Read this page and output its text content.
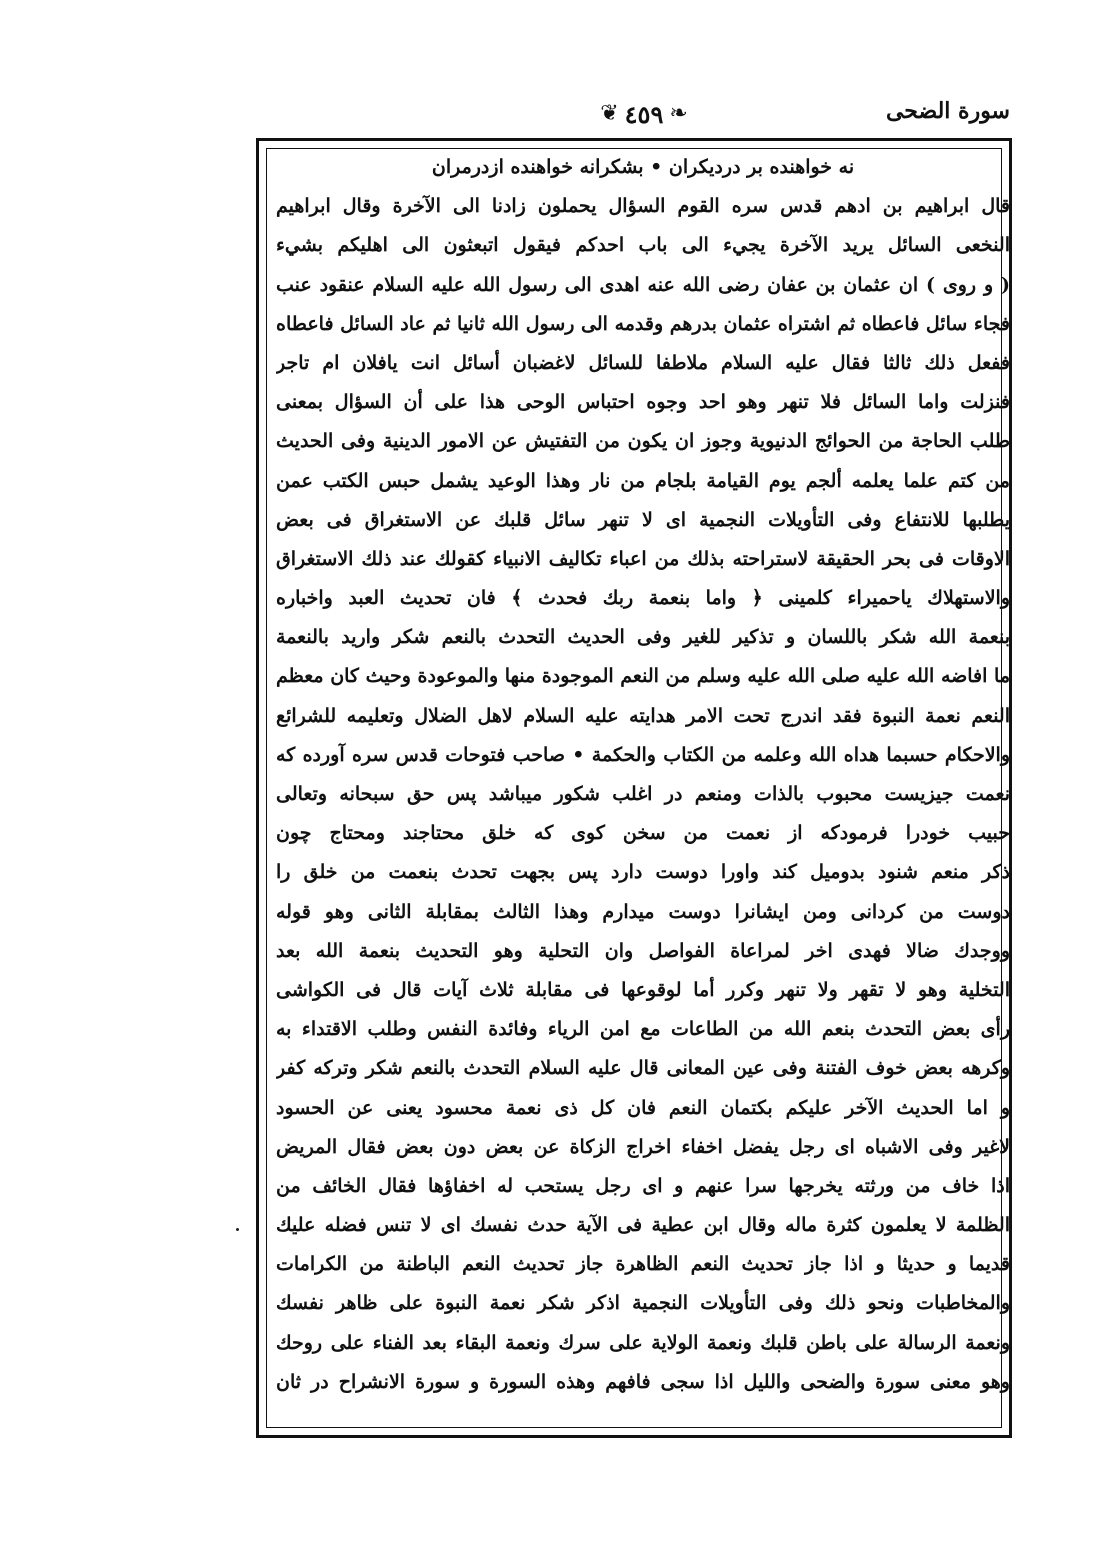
سورة الضحى
❦ ٤٥٩ ❧
نه خواهنده بر دردیكران • بشكرانه خواهنده ازدرمران
قال ابراهيم بن ادهم قدس سره القوم السؤال يحملون زادنا الى الآخرة وقال ابراهيم
النخعى السائل يريد الآخرة يجيء الى باب احدكم فيقول اتبعثون الى اهليكم بشيء
( و روى ) ان عثمان بن عفان رضى الله عنه اهدى الى رسول الله عليه السلام عنقود عنب
فجاء سائل فاعطاه ثم اشتراه عثمان بدرهم وقدمه الى رسول الله ثانيا ثم عاد السائل فاعطاه
ففعل ذلك ثالثا فقال عليه السلام ملاطفا للسائل لاغضبان أسائل انت يافلان ام تاجر
فنزلت واما السائل فلا تنهر وهو احد وجوه احتباس الوحى هذا على أن السؤال بمعنى
طلب الحاجة من الحوائج الدنيوية وجوز ان يكون من التفتيش عن الامور الدينية وفى الحديث
من كتم علما يعلمه ألجم يوم القيامة بلجام من نار وهذا الوعيد يشمل حبس الكتب عمن
يطلبها للانتفاع وفى التأويلات النجمية اى لا تنهر سائل قلبك عن الاستغراق فى بعض
الاوقات فى بحر الحقيقة لاستراحته بذلك من اعباء تكاليف الانبياء كقولك عند ذلك الاستغراق
والاستهلاك ياحميراء كلمينى ﴿ واما بنعمة ربك فحدث ﴾ فان تحديث العبد واخباره
بنعمة الله شكر باللسان و تذكير للغير وفى الحديث التحدث بالنعم شكر واريد بالنعمة
ما افاضه الله عليه صلى الله عليه وسلم من النعم الموجودة منها والموعودة وحيث كان معظم
النعم نعمة النبوة فقد اندرج تحت الامر هدايته عليه السلام لاهل الضلال وتعليمه للشرائع
والاحكام حسبما هداه الله وعلمه من الكتاب والحكمة • صاحب فتوحات قدس سره آورده كه
نعمت جيزيست محبوب بالذات ومنعم در اغلب شكور ميباشد پس حق سبحانه وتعالى
حبيب خودرا فرمودكه از نعمت من سخن كوى كه خلق محتاجند ومحتاج چون
ذكر منعم شنود بدوميل كند واورا دوست دارد پس بجهت تحدث بنعمت من خلق را
دوست من كردانى ومن ايشانرا دوست ميدارم وهذا الثالث بمقابلة الثانى وهو قوله
ووجدك ضالا فهدى اخر لمراعاة الفواصل وان التحلية وهو التحديث بنعمة الله بعد
التخلية وهو لا تقهر ولا تنهر وكرر أما لوقوعها فى مقابلة ثلاث آيات قال فى الكواشى
رأى بعض التحدث بنعم الله من الطاعات مع امن الرياء وفائدة النفس وطلب الاقتداء به
وكرهه بعض خوف الفتنة وفى عين المعانى قال عليه السلام التحدث بالنعم شكر وتركه كفر
و اما الحديث الآخر عليكم بكتمان النعم فان كل ذى نعمة محسود يعنى عن الحسود
لاغير وفى الاشباه اى رجل يفضل اخفاء اخراج الزكاة عن بعض دون بعض فقال المريض
اذا خاف من ورثته يخرجها سرا عنهم و اى رجل يستحب له اخفاؤها فقال الخائف من
الظلمة لا يعلمون كثرة ماله وقال ابن عطية فى الآية حدث نفسك اى لا تنس فضله عليك
قديما و حديثا و اذا جاز تحديث النعم الظاهرة جاز تحديث النعم الباطنة من الكرامات
والمخاطبات ونحو ذلك وفى التأويلات النجمية اذكر شكر نعمة النبوة على ظاهر نفسك
ونعمة الرسالة على باطن قلبك ونعمة الولاية على سرك ونعمة البقاء بعد الفناء على روحك
وهو معنى سورة والضحى والليل اذا سجى فافهم وهذه السورة و سورة الانشراح در ثان
